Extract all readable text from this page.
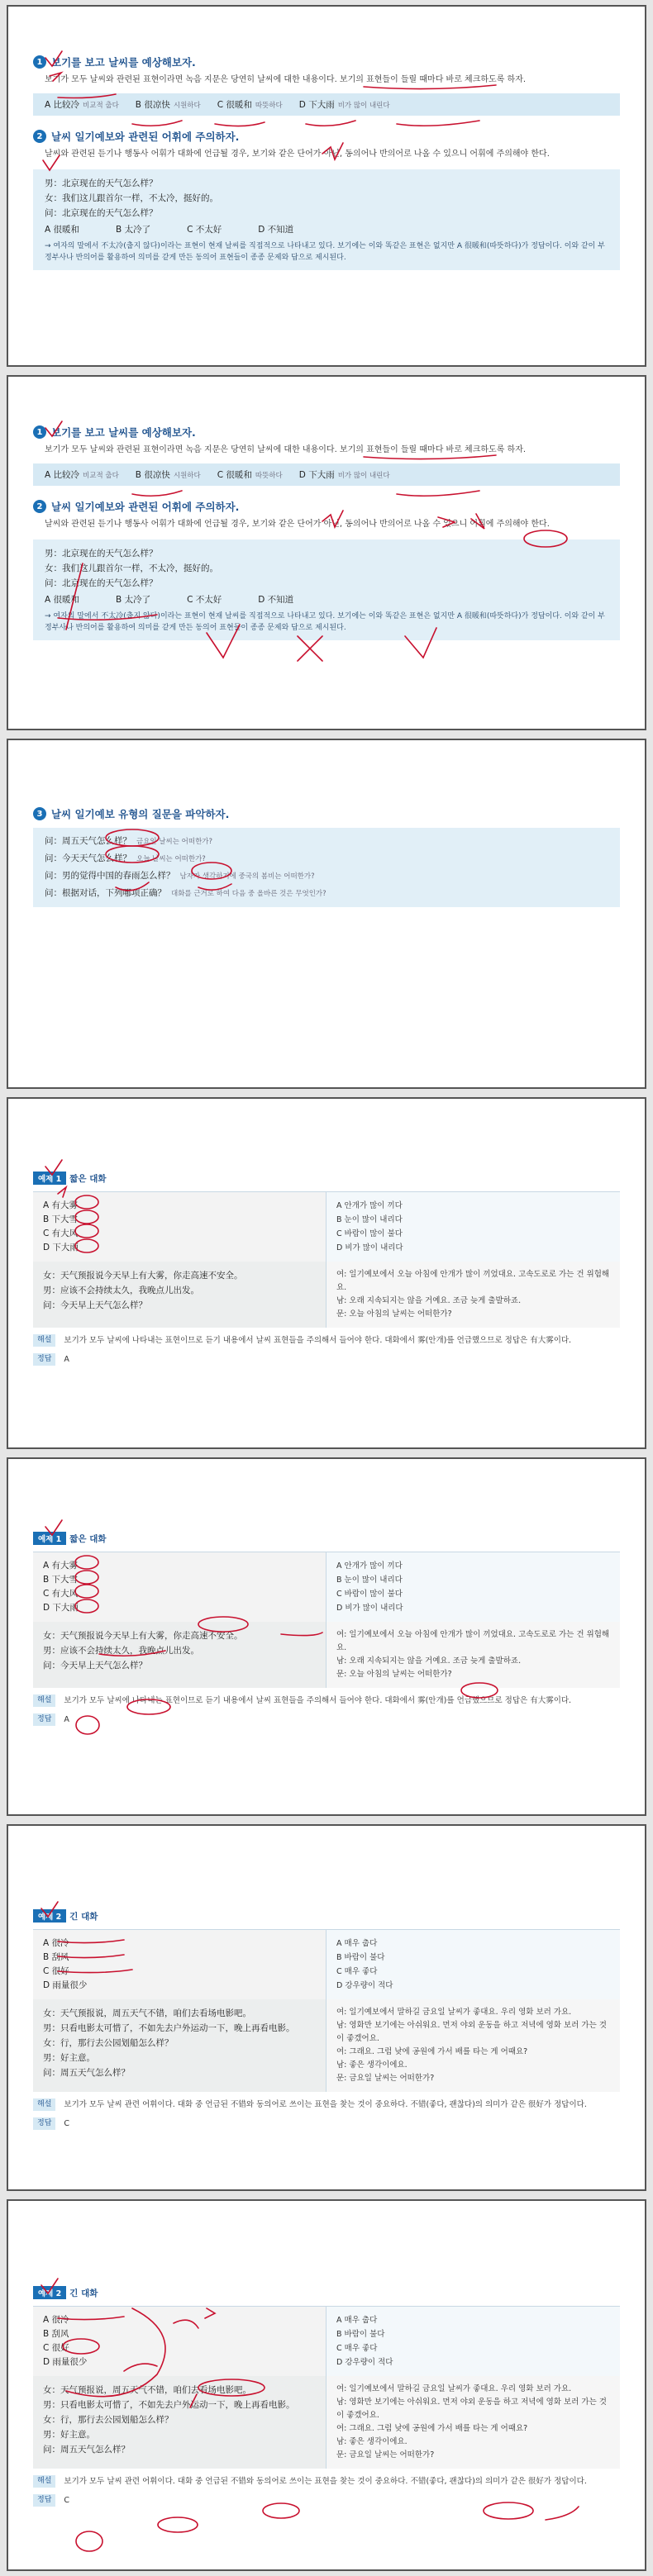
1 보기를 보고 날씨를 예상해보자.
보기가 모두 날씨와 관련된 표현이라면 녹음 지문은 당연히 날씨에 대한 내용이다. 보기의 표현들이 들릴 때마다 바로 체크하도록 하자.
A 比较冷 비교적 춥다 B 很凉快 시원하다 C 很暖和 따뜻하다 D 下大雨 비가 많이 내린다
2 날씨 일기예보와 관련된 어휘에 주의하자.
날씨와 관련된 듣기나 행동사 어휘가 대화에 언급될 경우, 보기와 같은 단어가 아닌, 동의어나 반의어로 나올 수 있으니 어휘에 주의해야 한다.
男：北京现在的天气怎么样？
女：我们这儿跟首尔一样，不太冷，挺好的。
问：北京现在的天气怎么样？
A 很暖和	B 太冷了	C 不太好	D 不知道
→ 여자의 말에서 不太冷(춥지 않다)이라는 표현이 현재 날씨를 직접적으로 나타내고 있다. 보기에는 이와 똑같은 표현은 없지만 A 很暖和(따뜻하다)가 정답이다. 이와 같이 부정부사나 반의어를 활용하여 의미를 같게 만든 동의어 표현들이 종종 문제와 답으로 제시된다.
1 보기를 보고 날씨를 예상해보자.
보기가 모두 날씨와 관련된 표현이라면 녹음 지문은 당연히 날씨에 대한 내용이다. 보기의 표현들이 들릴 때마다 바로 체크하도록 하자.
A 比较冷 비교적 춥다 B 很凉快 시원하다 C 很暖和 따뜻하다 D 下大雨 비가 많이 내린다
2 날씨 일기예보와 관련된 어휘에 주의하자.
날씨와 관련된 듣기나 행동사 어휘가 대화에 언급될 경우, 보기와 같은 단어가 아닌, 동의어나 반의어로 나올 수 있으니 어휘에 주의해야 한다.
男：北京现在的天气怎么样？
女：我们这儿跟首尔一样，不太冷，挺好的。
问：北京现在的天气怎么样？
A 很暖和	B 太冷了	C 不太好	D 不知道
→ 여자의 말에서 不太冷(춥지 않다)이라는 표현이 현재 날씨를 직접적으로 나타내고 있다. 보기에는 이와 똑같은 표현은 없지만 A 很暖和(따뜻하다)가 정답이다. 이와 같이 부정부사나 반의어를 활용하여 의미를 같게 만든 동의어 표현들이 종종 문제와 답으로 제시된다.
3 날씨 일기예보 유형의 질문을 파악하자.
问：周五天气怎么样？ 금요일 날씨는 어떠한가?
问：今天天气怎么样？ 오늘 날씨는 어떠한가?
问：男的觉得中国的春雨怎么样？ 남자가 생각하기에 중국의 봄비는 어떠한가?
问：根据对话，下列哪项正确？ 대화를 근거로 하여 다음 중 올바른 것은 무엇인가?
예제 1 짧은 대화
A 有大雾
B 下大雪
C 有大风
D 下大雨
A 안개가 많이 끼다
B 눈이 많이 내리다
C 바람이 많이 불다
D 비가 많이 내리다
女：天气预报说今天早上有大雾，你走高速不安全。
男：应该不会持续太久，我晚点儿出发。
问：今天早上天气怎么样？
여: 일기예보에서 오늘 아침에 안개가 많이 끼었대요. 고속도로로 가는 건 위험해요.
남: 오래 지속되지는 않을 거예요. 조금 늦게 출발하죠.
문: 오늘 아침의 날씨는 어떠한가?
해설	보기가 모두 날씨에 나타내는 표현이므로 듣기 내용에서 날씨 표현들을 주의해서 들어야 한다. 대화에서 雾(안개)를 언급했으므로 정답은 有大雾이다.
정답	A
예제 1 짧은 대화
A 有大雾
B 下大雪
C 有大风
D 下大雨
A 안개가 많이 끼다
B 눈이 많이 내리다
C 바람이 많이 불다
D 비가 많이 내리다
女：天气预报说今天早上有大雾，你走高速不安全。
男：应该不会持续太久，我晚点儿出发。
问：今天早上天气怎么样？
여: 일기예보에서 오늘 아침에 안개가 많이 끼었대요. 고속도로로 가는 건 위험해요.
남: 오래 지속되지는 않을 거예요. 조금 늦게 출발하죠.
문: 오늘 아침의 날씨는 어떠한가?
해설	보기가 모두 날씨에 나타내는 표현이므로 듣기 내용에서 날씨 표현들을 주의해서 들어야 한다. 대화에서 雾(안개)를 언급했으므로 정답은 有大雾이다.
정답	A
예제 2 긴 대화
A 很冷
B 刮风
C 很好
D 雨量很少
A 매우 춥다
B 바람이 불다
C 매우 좋다
D 강우량이 적다
女：天气预报说，周五天气不错，咱们去看场电影吧。
男：只看电影太可惜了，不如先去户外运动一下，晚上再看电影。
女：行，那行去公园划船怎么样？
男：好主意。
问：周五天气怎么样？
여: 일기예보에서 말하길 금요일 날씨가 좋대요. 우리 영화 보러 가요.
남: 영화만 보기에는 아쉬워요. 먼저 야외 운동을 하고 저녁에 영화 보러 가는 것이 좋겠어요.
여: 그래요. 그럼 낮에 공원에 가서 배를 타는 게 어때요?
남: 좋은 생각이에요.
문: 금요일 날씨는 어떠한가?
해설	보기가 모두 날씨 관련 어휘이다. 대화 중 언급된 不错와 동의어로 쓰이는 표현을 찾는 것이 중요하다. 不错(좋다, 괜찮다)의 의미가 같은 很好가 정답이다.
정답	C
예제 2 긴 대화
A 很冷
B 刮风
C 很好
D 雨量很少
A 매우 춥다
B 바람이 불다
C 매우 좋다
D 강우량이 적다
女：天气预报说，周五天气不错，咱们去看场电影吧。
男：只看电影太可惜了，不如先去户外运动一下，晚上再看电影。
女：行，那行去公园划船怎么样？
男：好主意。
问：周五天气怎么样？
여: 일기예보에서 말하길 금요일 날씨가 좋대요. 우리 영화 보러 가요.
남: 영화만 보기에는 아쉬워요. 먼저 야외 운동을 하고 저녁에 영화 보러 가는 것이 좋겠어요.
여: 그래요. 그럼 낮에 공원에 가서 배를 타는 게 어때요?
남: 좋은 생각이에요.
문: 금요일 날씨는 어떠한가?
해설	보기가 모두 날씨 관련 어휘이다. 대화 중 언급된 不错와 동의어로 쓰이는 표현을 찾는 것이 중요하다. 不错(좋다, 괜찮다)의 의미가 같은 很好가 정답이다.
정답	C
